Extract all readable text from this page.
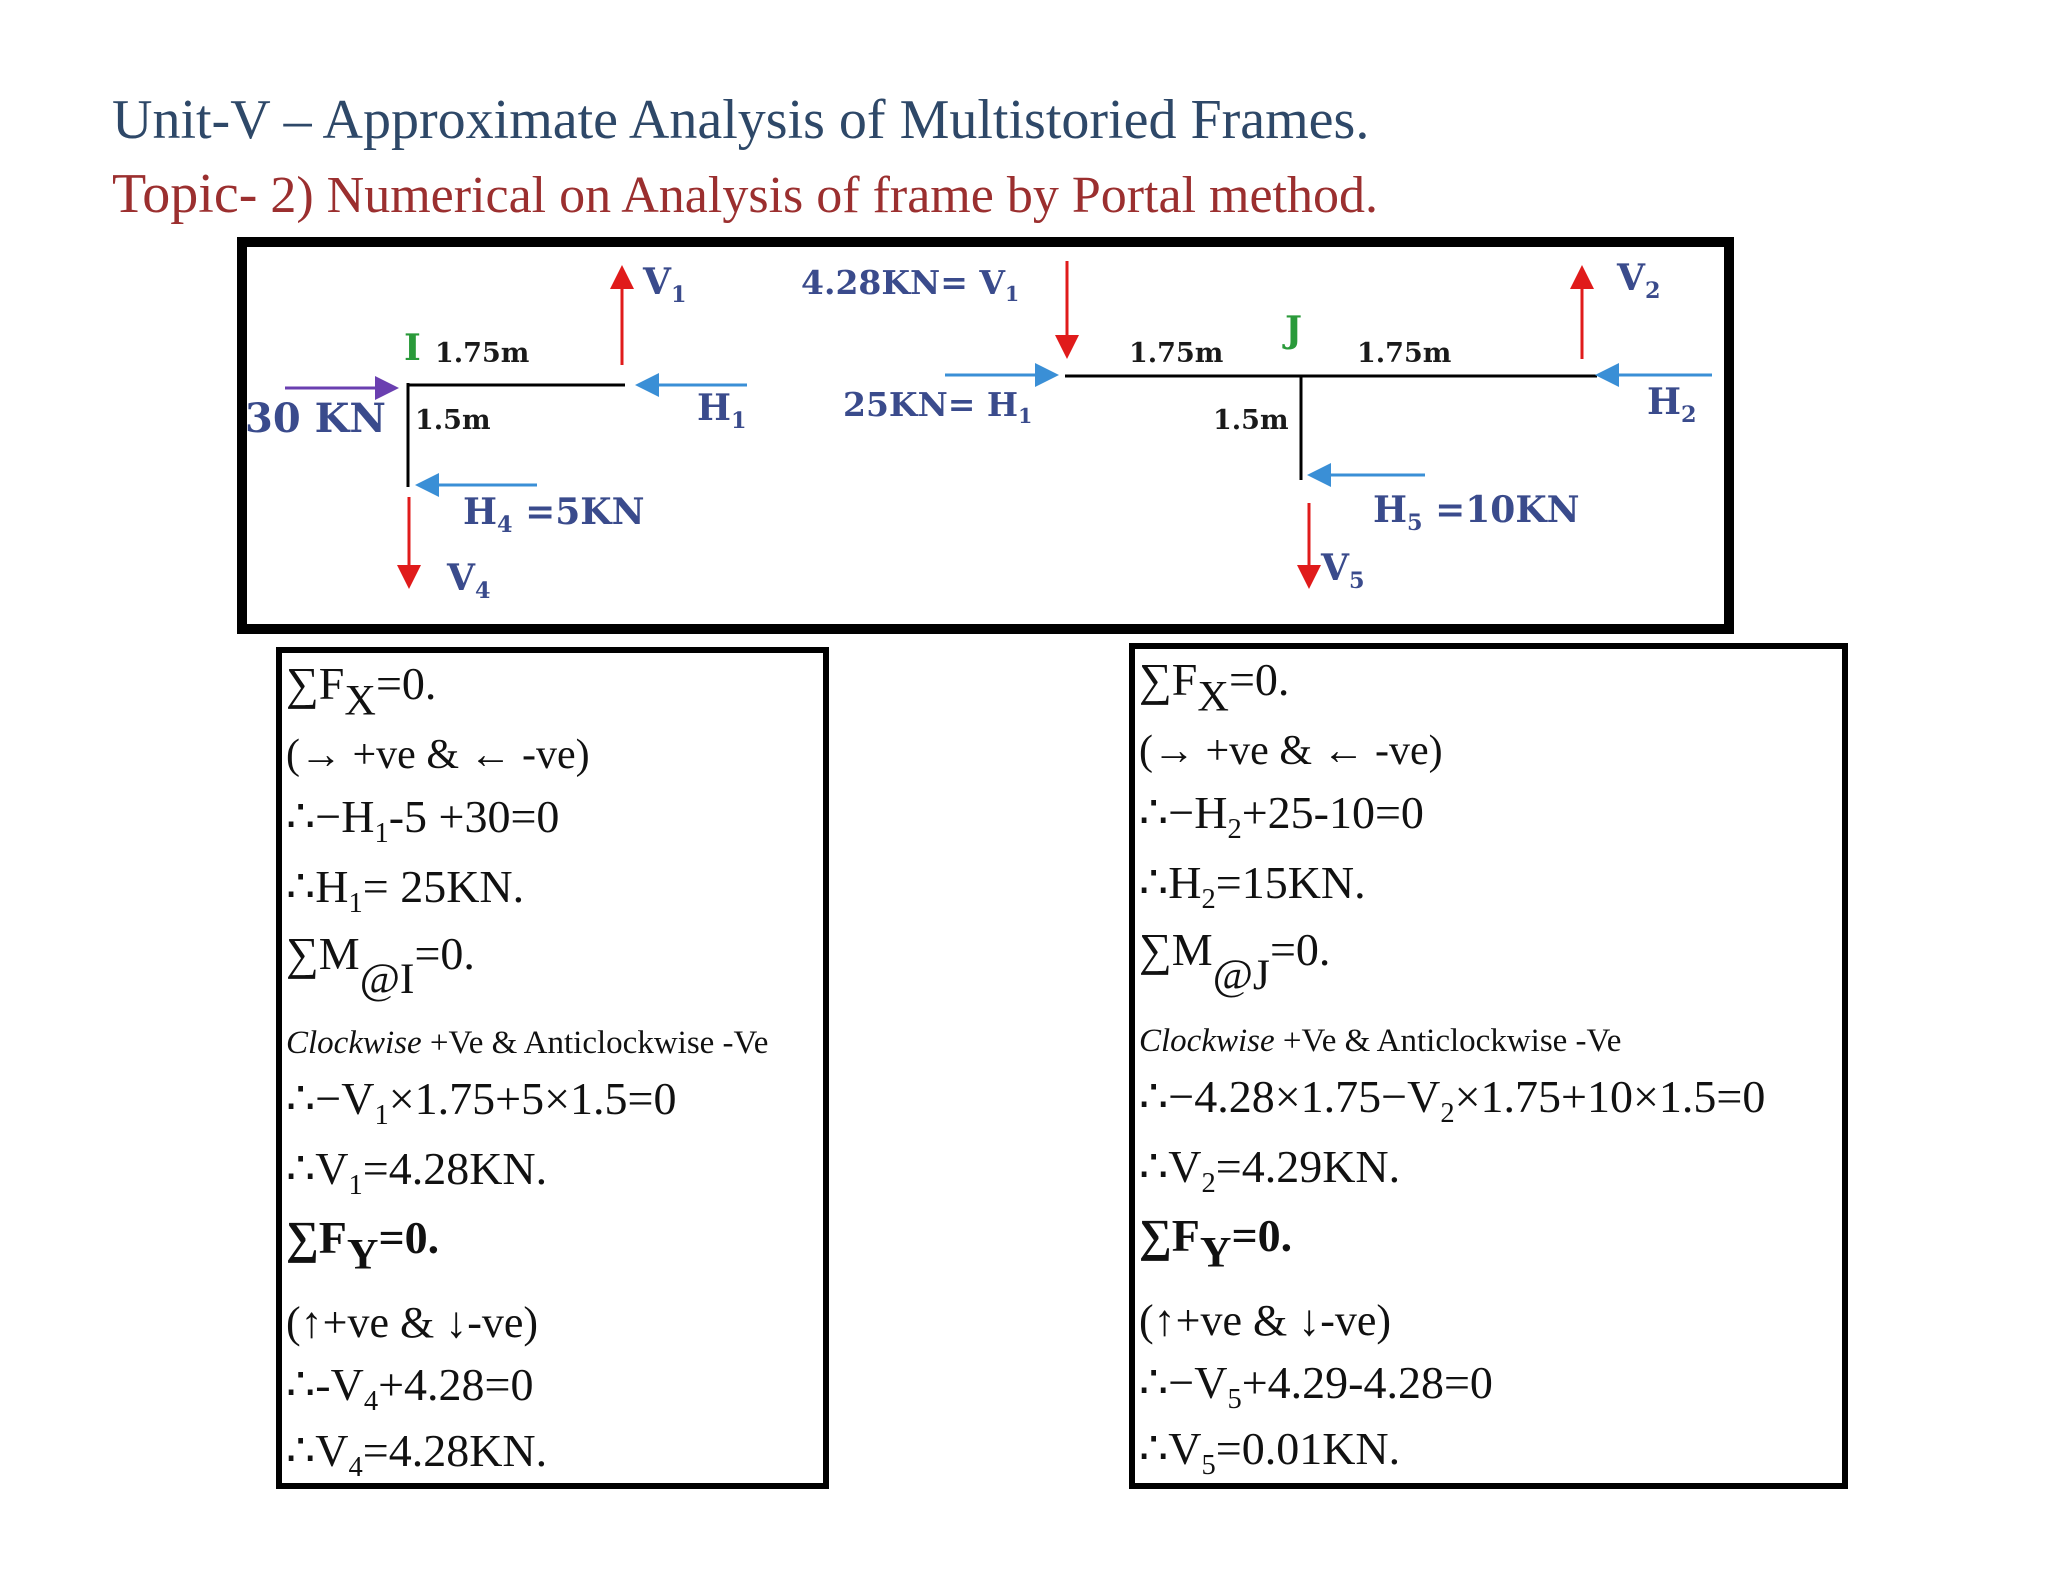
Unit-V – Approximate Analysis of Multistoried Frames.
Topic- 2) Numerical on Analysis of frame by Portal method.
I 1.75m
1.5m
30 KN
$V_1$
$H_1$
$H_4 =5KN$
$V_4$
$4.28KN= V_1$
$25KN= H_1$
J
1.75m	1.75m
1.5m
$V_2$
$H_2$
$H_5 =10KN$
$V_5$
∑FX=0.
(→ +ve & ← -ve)
$\therefore-H_1-5 +30=0$
$\therefore H_1= 25KN$.
∑M@I=0.
Clockwise +Ve & Anticlockwise -Ve
$\therefore-V_1\times 1.75+5\times 1.5=0$
$\therefore V_1=4.28KN$.
∑FY=0.
(↑+ve & ↓-ve)
$\therefore-V_4+4.28=0$
$\therefore V_4=4.28KN$.
∑FX=0.
(→ +ve & ← -ve)
$\therefore-H_2+25-10=0$
$\therefore H_2=15KN$.
∑M@J=0.
Clockwise +Ve & Anticlockwise -Ve
$\therefore-4.28\times 1.75-V_2\times 1.75+10\times 1.5=0$
$\therefore V_2=4.29KN$.
∑FY=0.
(↑+ve & ↓-ve)
$\therefore-V_5+4.29-4.28=0$
$\therefore V_5=0.01KN$.
